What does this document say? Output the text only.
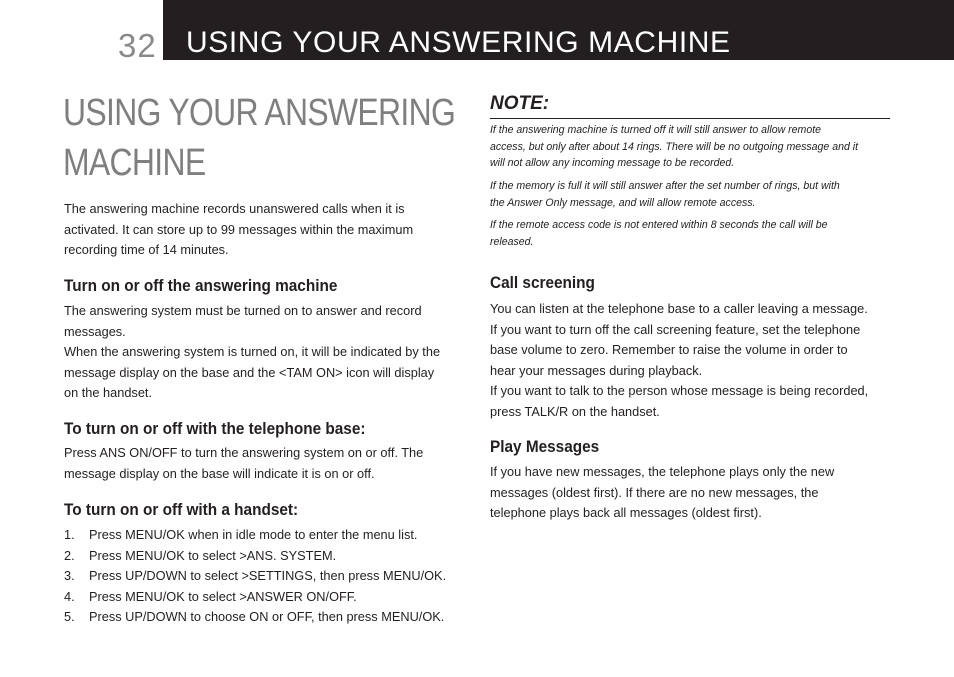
32 USING YOUR ANSWERING MACHINE
USING YOUR ANSWERING
MACHINE
The answering machine records unanswered calls when it is
activated. It can store up to 99 messages within the maximum
recording time of 14 minutes.
Turn on or off the answering machine
The answering system must be turned on to answer and record
messages.
When the answering system is turned on, it will be indicated by the
message display on the base and the <TAM ON> icon will display
on the handset.
To turn on or off with the telephone base:
Press ANS ON/OFF to turn the answering system on or off. The
message display on the base will indicate it is on or off.
To turn on or off with a handset:
1. Press MENU/OK when in idle mode to enter the menu list.
2. Press MENU/OK to select >ANS. SYSTEM.
3. Press UP/DOWN to select >SETTINGS, then press MENU/OK.
4. Press MENU/OK to select >ANSWER ON/OFF.
5. Press UP/DOWN to choose ON or OFF, then press MENU/OK.
NOTE:
If the answering machine is turned off it will still answer to allow remote
access, but only after about 14 rings. There will be no outgoing message and it
will not allow any incoming message to be recorded.
If the memory is full it will still answer after the set number of rings, but with
the Answer Only message, and will allow remote access.
If the remote access code is not entered within 8 seconds the call will be
released.
Call screening
You can listen at the telephone base to a caller leaving a message.
If you want to turn off the call screening feature, set the telephone
base volume to zero. Remember to raise the volume in order to
hear your messages during playback.
If you want to talk to the person whose message is being recorded,
press TALK/R on the handset.
Play Messages
If you have new messages, the telephone plays only the new
messages (oldest first). If there are no new messages, the
telephone plays back all messages (oldest first).
